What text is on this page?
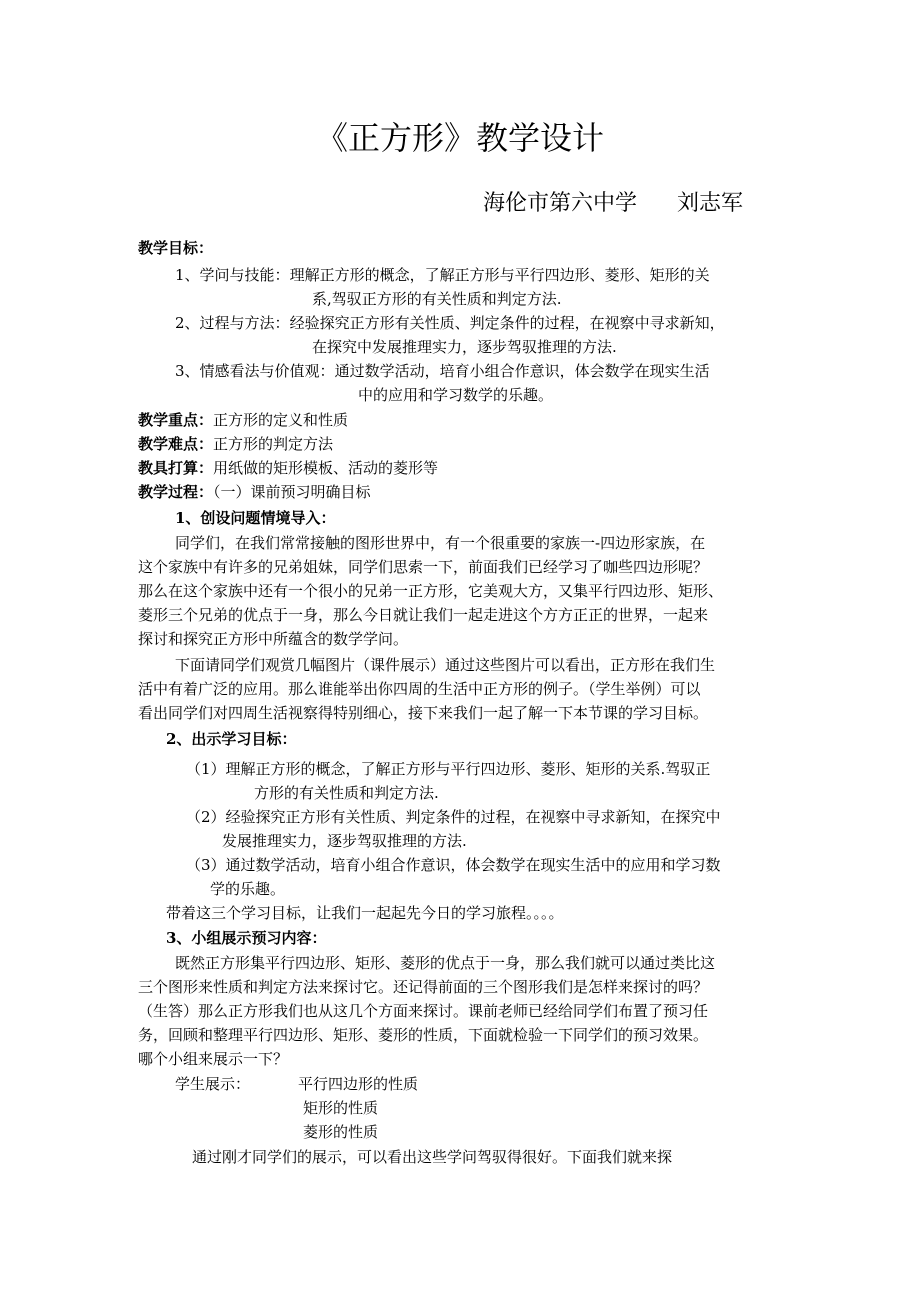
《正方形》教学设计
海伦市第六中学 刘志军
教学目标：
1、学问与技能：理解正方形的概念，了解正方形与平行四边形、菱形、矩形的关
系,驾驭正方形的有关性质和判定方法.
2、过程与方法：经验探究正方形有关性质、判定条件的过程，在视察中寻求新知，
在探究中发展推理实力，逐步驾驭推理的方法.
3、情感看法与价值观：通过数学活动，培育小组合作意识，体会数学在现实生活
中的应用和学习数学的乐趣。
教学重点：正方形的定义和性质
教学难点：正方形的判定方法
教具打算：用纸做的矩形模板、活动的菱形等
教学过程：（一）课前预习明确目标
1、创设问题情境导入：
同学们，在我们常常接触的图形世界中，有一个很重要的家族一-四边形家族，在
这个家族中有许多的兄弟姐妹，同学们思索一下，前面我们已经学习了咖些四边形呢？
那么在这个家族中还有一个很小的兄弟一正方形，它美观大方，又集平行四边形、矩形、
菱形三个兄弟的优点于一身，那么今日就让我们一起走进这个方方正正的世界，一起来
探讨和探究正方形中所蕴含的数学学问。
下面请同学们观赏几幅图片（课件展示）通过这些图片可以看出，正方形在我们生
活中有着广泛的应用。那么谁能举出你四周的生活中正方形的例子。（学生举例）可以
看出同学们对四周生活视察得特别细心，接下来我们一起了解一下本节课的学习目标。
2、出示学习目标：
（1）理解正方形的概念，了解正方形与平行四边形、菱形、矩形的关系.驾驭正
方形的有关性质和判定方法.
（2）经验探究正方形有关性质、判定条件的过程，在视察中寻求新知，在探究中
发展推理实力，逐步驾驭推理的方法.
（3）通过数学活动，培育小组合作意识，体会数学在现实生活中的应用和学习数
学的乐趣。
带着这三个学习目标，让我们一起起先今日的学习旅程。。。。
3、小组展示预习内容：
既然正方形集平行四边形、矩形、菱形的优点于一身，那么我们就可以通过类比这
三个图形来性质和判定方法来探讨它。还记得前面的三个图形我们是怎样来探讨的吗？
（生答）那么正方形我们也从这几个方面来探讨。课前老师已经给同学们布置了预习任
务，回顾和整理平行四边形、矩形、菱形的性质，下面就检验一下同学们的预习效果。
哪个小组来展示一下？
学生展示：	平行四边形的性质
矩形的性质
菱形的性质
通过刚才同学们的展示，可以看出这些学问驾驭得很好。下面我们就来探
